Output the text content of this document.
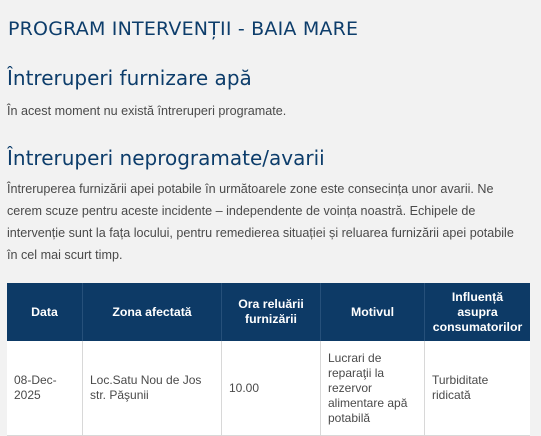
PROGRAM INTERVENȚII - BAIA MARE
Întreruperi furnizare apă

În acest moment nu există întreruperi programate.

Întreruperi neprogramate/avarii

Întreruperea furnizării apei potabile în următoarele zone este consecința unor avarii. Ne cerem scuze pentru aceste incidente – independente de voința noastră. Echipele de intervenție sunt la fața locului, pentru remedierea situației și reluarea furnizării apei potabile în cel mai scurt timp.

Data	Zona afectată	Ora reluării furnizării	Motivul	Influență asupra consumatorilor
08-Dec-2025	Loc.Satu Nou de Jos str. Păşunii	10.00	Lucrari de reparaţii la rezervor alimentare apă potabilă	Turbiditate ridicată
